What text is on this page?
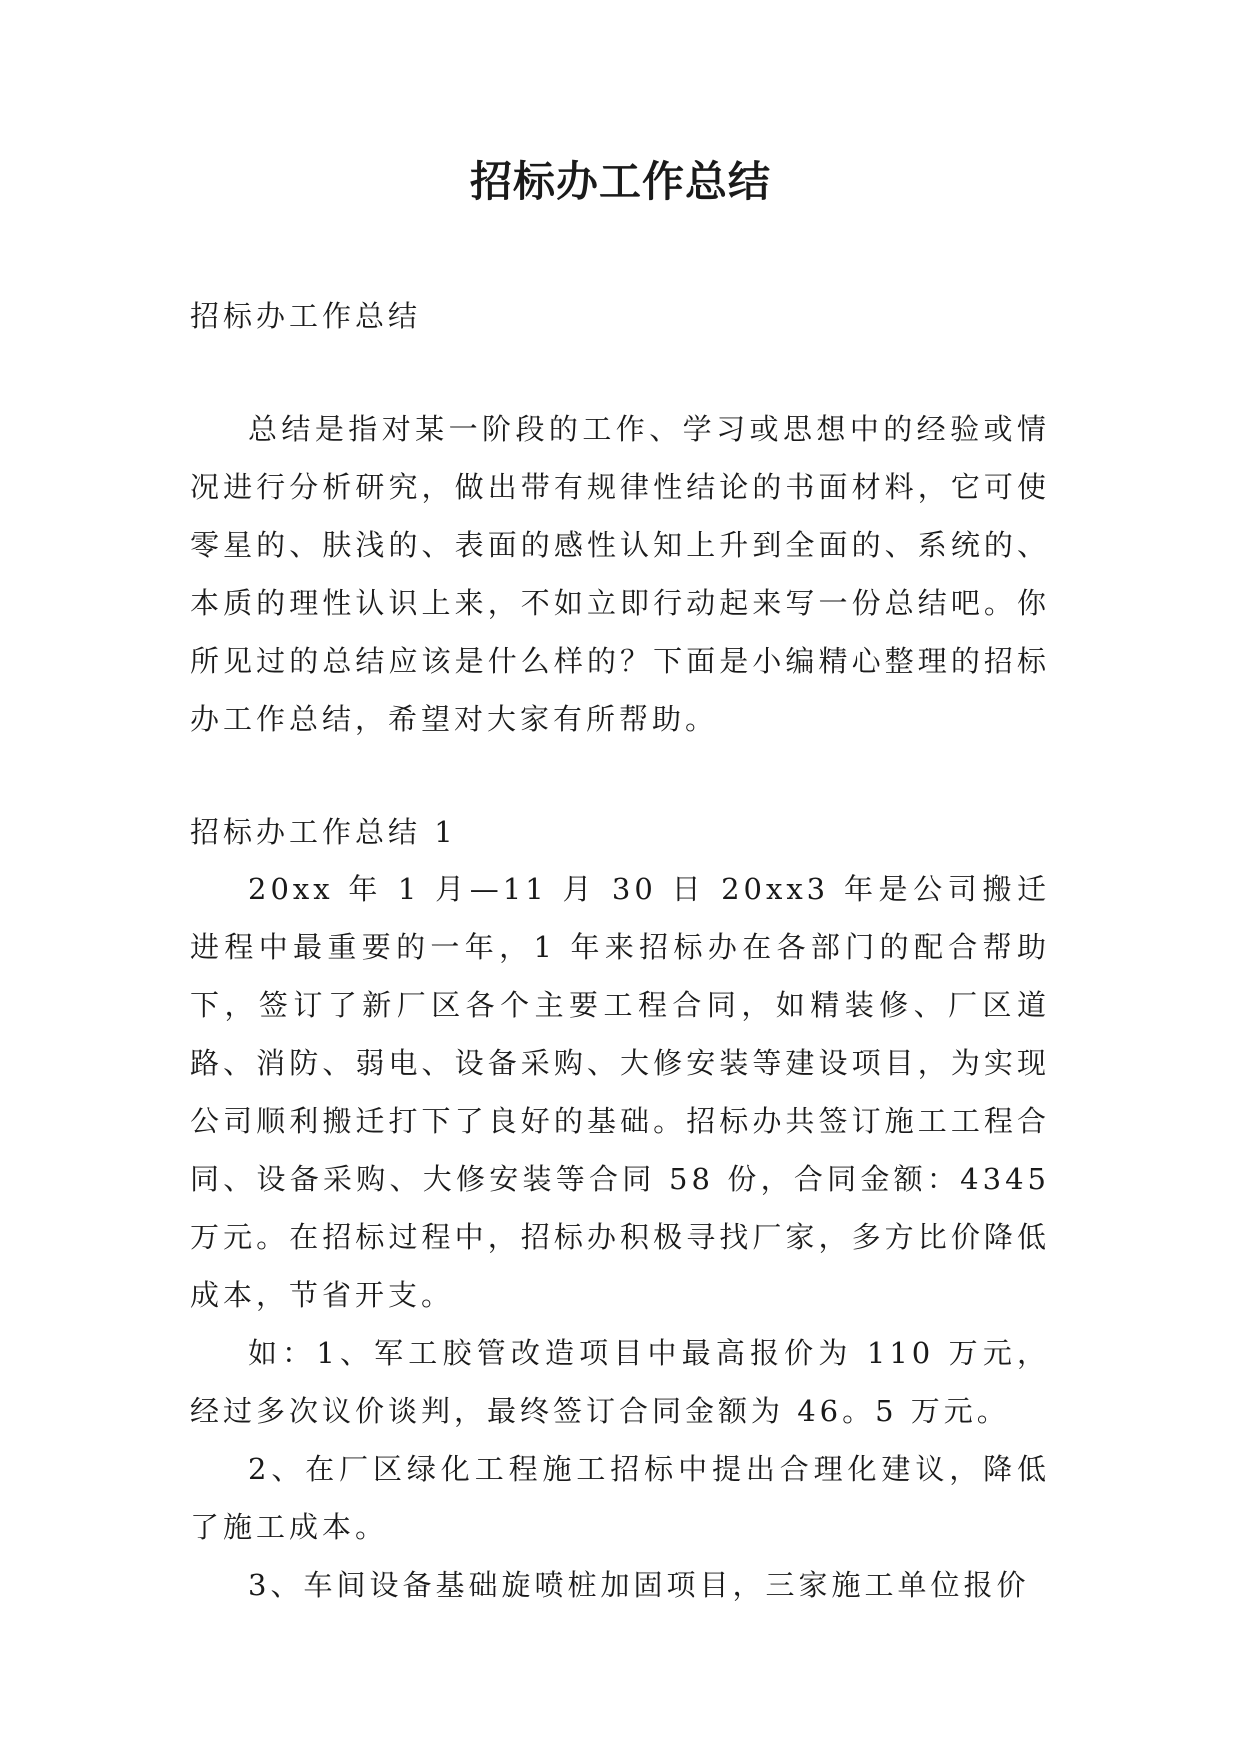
招标办工作总结

招标办工作总结

总结是指对某一阶段的工作、学习或思想中的经验或情况进行分析研究，做出带有规律性结论的书面材料，它可使零星的、肤浅的、表面的感性认知上升到全面的、系统的、本质的理性认识上来，不如立即行动起来写一份总结吧。你所见过的总结应该是什么样的？下面是小编精心整理的招标办工作总结，希望对大家有所帮助。

招标办工作总结 1

20xx 年 1 月—11 月 30 日 20xx3 年是公司搬迁进程中最重要的一年，1 年来招标办在各部门的配合帮助下，签订了新厂区各个主要工程合同，如精装修、厂区道路、消防、弱电、设备采购、大修安装等建设项目，为实现公司顺利搬迁打下了良好的基础。招标办共签订施工工程合同、设备采购、大修安装等合同 58 份，合同金额：4345 万元。在招标过程中，招标办积极寻找厂家，多方比价降低成本，节省开支。

如：1、军工胶管改造项目中最高报价为 110 万元，经过多次议价谈判，最终签订合同金额为 46。5 万元。

2、在厂区绿化工程施工招标中提出合理化建议，降低了施工成本。

3、车间设备基础旋喷桩加固项目，三家施工单位报价
